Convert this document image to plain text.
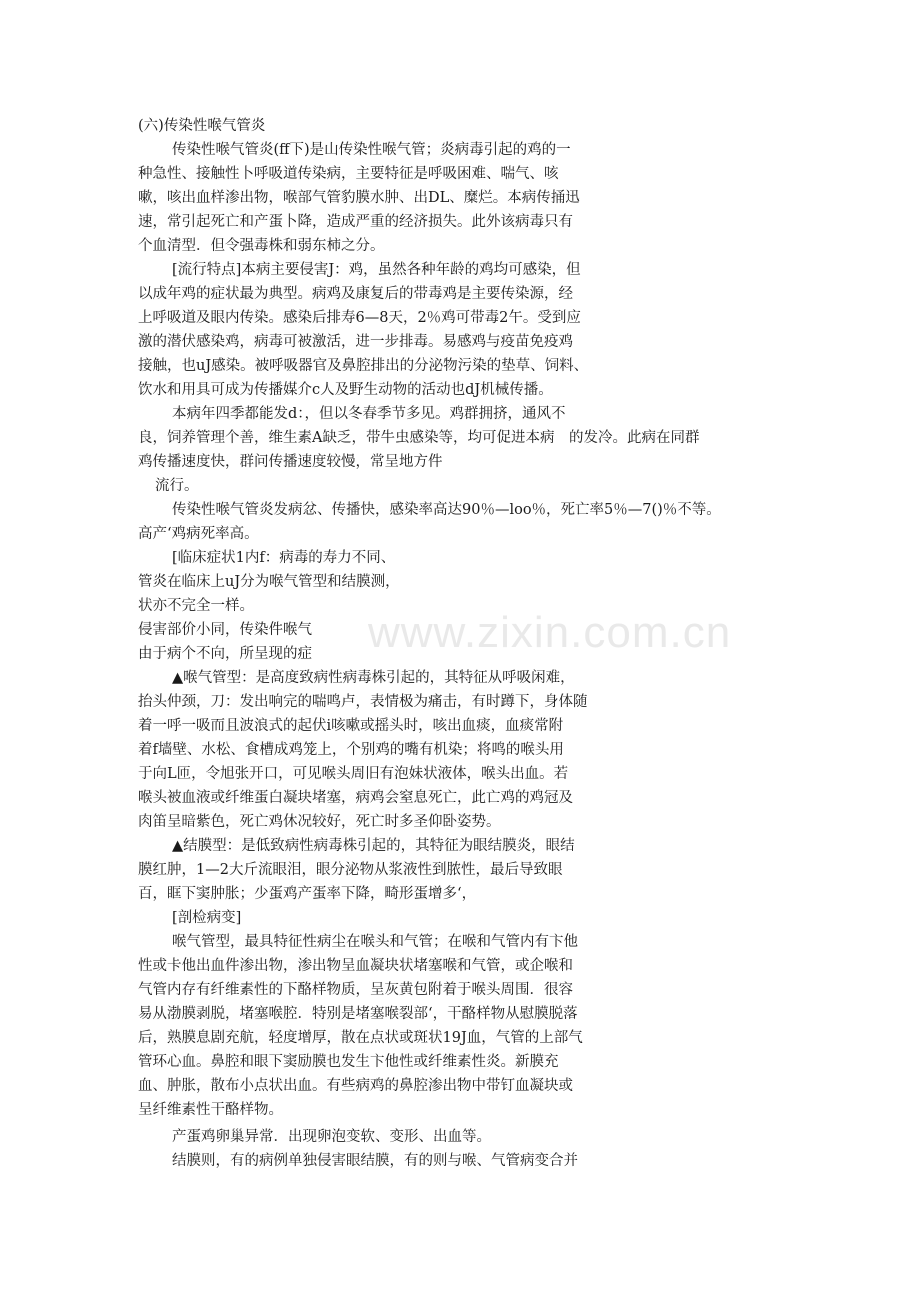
www.zixin.com.cn
(六)传染性喉气管炎
传染性喉气管炎(ff下)是山传染性喉气管；炎病毒引起的鸡的一
种急性、接触性卜呼吸道传染病，主要特征是呼吸困难、喘气、咳
嗽，咳出血样渗出物，喉部气管豹膜水肿、出DL、糜烂。本病传捅迅
速，常引起死亡和产蛋卜降，造成严重的经济损失。此外该病毒只有
个血清型．但令强毒株和弱东柿之分。
[流行特点]本病主要侵害J：鸡，虽然各种年龄的鸡均可感染，但
以成年鸡的症状最为典型。病鸡及康复后的带毒鸡是主要传染源，经
上呼吸道及眼内传染。感染后排寿6—8天，2％鸡可带毒2午。受到应
激的潜伏感染鸡，病毒可被激活，进一步排毒。易感鸡与疫苗免疫鸡
接触，也uJ感染。被呼吸器官及鼻腔排出的分泌物污染的垫草、饲料、
饮水和用具可成为传播媒介c人及野生动物的活动也dJ机械传播。
本病年四季都能发d：，但以冬春季节多见。鸡群拥挤，通风不
良，饲养管理个善，维生素A缺乏，带牛虫感染等，均可促进本病　的发冷。此病在同群
鸡传播速度快，群问传播速度较慢，常呈地方件
流行。
传染性喉气管炎发病忿、传播快，感染率高达90％—loo％，死亡率5％—7()％不等。
高产‘鸡病死率高。
[临床症状1内f：病毒的寿力不同、
管炎在临床上uJ分为喉气管型和结膜测，
状亦不完全一样。
侵害部价小同，传染件喉气
由于病个不向，所呈现的症
▲喉气管型：是高度致病性病毒株引起的，其特征从呼吸闲难，
抬头仲颈，刀：发出响完的喘鸣卢，表情极为痛击，有时蹲下，身体随
着一呼一吸而且波浪式的起伏i咳嗽或摇头时，咳出血痰，血痰常附
着f墙壁、水松、食槽成鸡笼上，个别鸡的嘴有机染；将鸣的喉头用
于向L匝，令旭张开口，可见喉头周旧有泡妹状液体，喉头出血。若
喉头被血液或纤维蛋白凝块堵塞，病鸡会窒息死亡，此亡鸡的鸡冠及
肉笛呈暗紫色，死亡鸡休况较好，死亡时多圣仰卧姿势。
▲结膜型：是低致病性病毒株引起的，其特征为眼结膜炎，眼结
膜红肿，1—2大斤流眼泪，眼分泌物从浆液性到脓性，最后导致眼
百，眶下窦肿胀；少蛋鸡产蛋率下降，畸形蛋增多‘，
[剖检病变]
喉气管型，最具特征性病尘在喉头和气管；在喉和气管内有卞他
性或卡他出血件渗出物，渗出物呈血凝块状堵塞喉和气管，或企喉和
气管内存有纤维素性的下酪样物质，呈灰黄包附着于喉头周围．很容
易从渤膜剥脱，堵塞喉腔．特别是堵塞喉裂部‘，干酪样物从慰膜脱落
后，熟膜息剧充航，轻度增厚，散在点状或斑状19J血，气管的上部气
管环心血。鼻腔和眼下窦励膜也发生卞他性或纤维素性炎。新膜充
血、肿胀，散布小点状出血。有些病鸡的鼻腔渗出物中带钉血凝块或
呈纤维素性干酪样物。
产蛋鸡卵巢异常．出现卵泡变软、变形、出血等。
结膜则，有的病例单独侵害眼结膜，有的则与喉、气管病变合并
